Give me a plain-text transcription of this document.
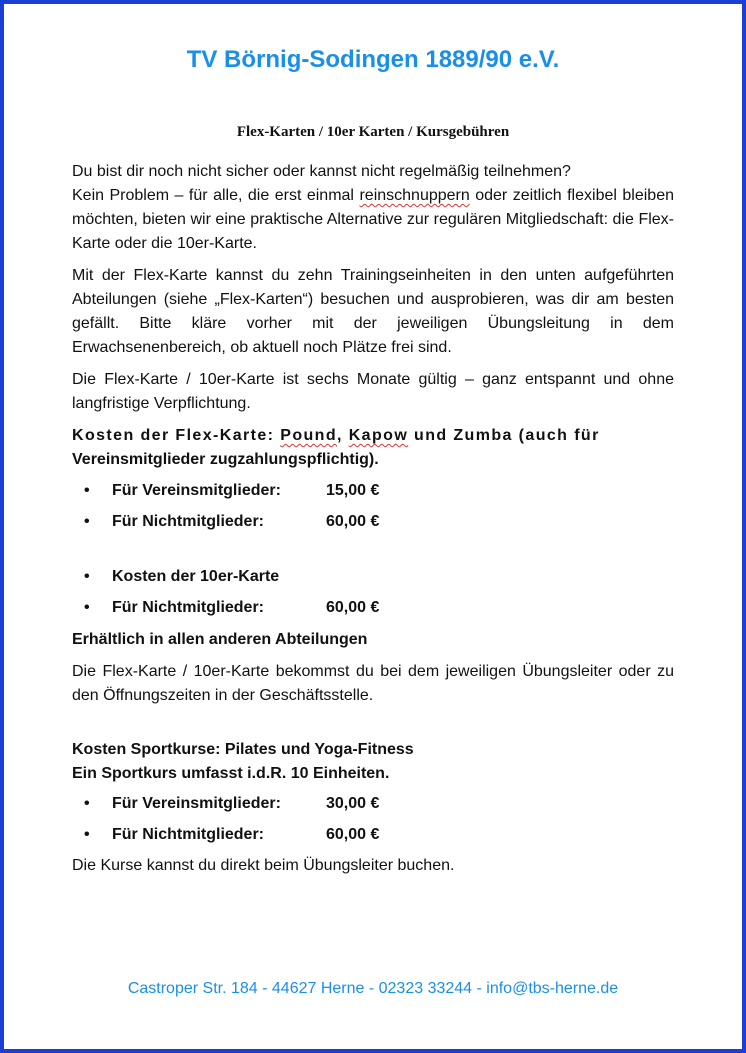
TV Börnig-Sodingen 1889/90 e.V.
Flex-Karten / 10er Karten / Kursgebühren
Du bist dir noch nicht sicher oder kannst nicht regelmäßig teilnehmen?
Kein Problem – für alle, die erst einmal reinschnuppern oder zeitlich flexibel bleiben möchten, bieten wir eine praktische Alternative zur regulären Mitgliedschaft: die Flex-Karte oder die 10er-Karte.
Mit der Flex-Karte kannst du zehn Trainingseinheiten in den unten aufgeführten Abteilungen (siehe „Flex-Karten“) besuchen und ausprobieren, was dir am besten gefällt. Bitte kläre vorher mit der jeweiligen Übungsleitung in dem Erwachsenenbereich, ob aktuell noch Plätze frei sind.
Die Flex-Karte / 10er-Karte ist sechs Monate gültig – ganz entspannt und ohne langfristige Verpflichtung.
Kosten der Flex-Karte: Pound, Kapow und Zumba (auch für
Vereinsmitglieder zugzahlungspflichtig).
• Für Vereinsmitglieder:	15,00 €
• Für Nichtmitglieder:	60,00 €
• Kosten der 10er-Karte
• Für Nichtmitglieder:	60,00 €
Erhältlich in allen anderen Abteilungen
Die Flex-Karte / 10er-Karte bekommst du bei dem jeweiligen Übungsleiter oder zu den Öffnungszeiten in der Geschäftsstelle.
Kosten Sportkurse: Pilates und Yoga-Fitness
Ein Sportkurs umfasst i.d.R. 10 Einheiten.
• Für Vereinsmitglieder:	30,00 €
• Für Nichtmitglieder:	60,00 €
Die Kurse kannst du direkt beim Übungsleiter buchen.
Castroper Str. 184 - 44627 Herne - 02323 33244 - info@tbs-herne.de
